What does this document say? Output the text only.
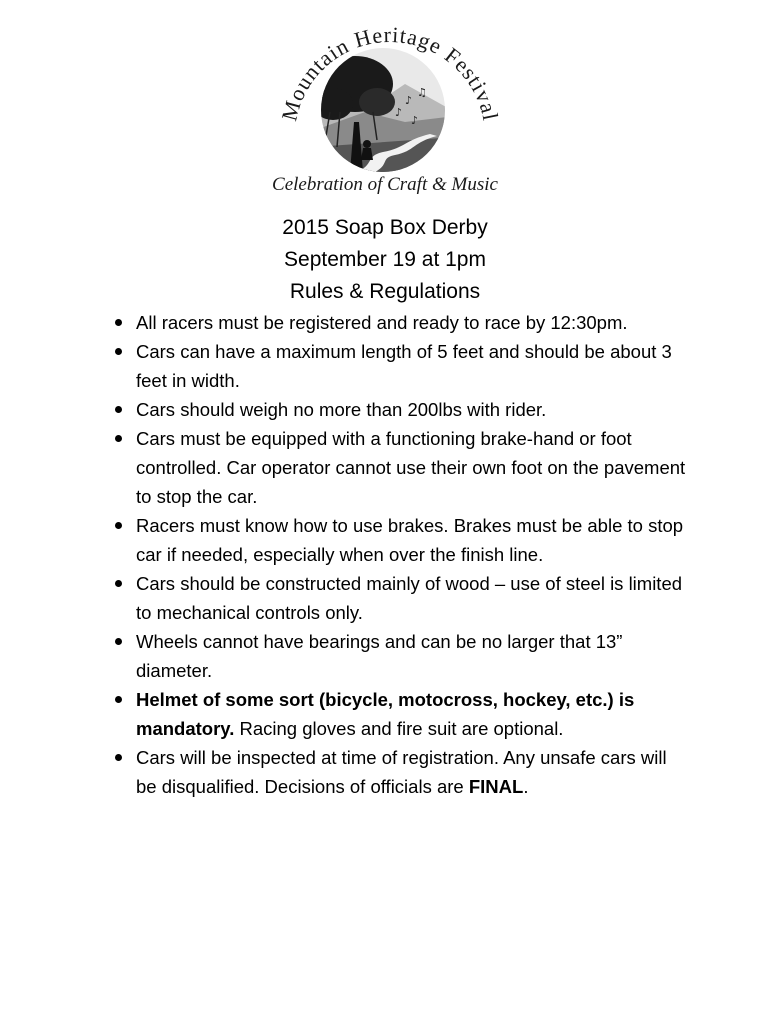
♪
♫
♪
♪
Mountain Heritage Festival
Celebration of Craft & Music
2015 Soap Box Derby
September 19 at 1pm
Rules & Regulations
All racers must be registered and ready to race by 12:30pm.
Cars can have a maximum length of 5 feet and should be about 3 feet in width.
Cars should weigh no more than 200lbs with rider.
Cars must be equipped with a functioning brake-hand or foot controlled. Car operator cannot use their own foot on the pavement to stop the car.
Racers must know how to use brakes. Brakes must be able to stop car if needed, especially when over the finish line.
Cars should be constructed mainly of wood – use of steel is limited to mechanical controls only.
Wheels cannot have bearings and can be no larger that 13” diameter.
Helmet of some sort (bicycle, motocross, hockey, etc.) is mandatory. Racing gloves and fire suit are optional.
Cars will be inspected at time of registration. Any unsafe cars will be disqualified. Decisions of officials are FINAL.
